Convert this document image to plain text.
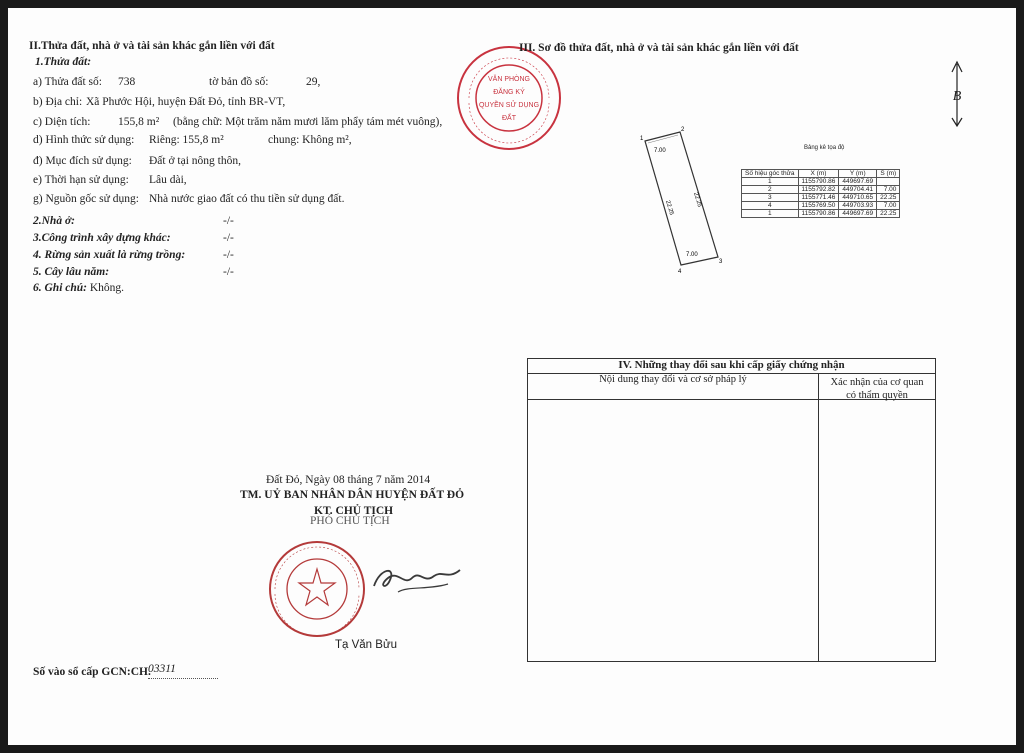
II.Thửa đất, nhà ở và tài sản khác gắn liền với đất
1.Thửa đất:
a) Thửa đất số: 738	tờ bản đồ số:	29,
b) Địa chỉ: Xã Phước Hội, huyện Đất Đỏ, tỉnh BR-VT,
c) Diện tích: 155,8 m² (bằng chữ: Một trăm năm mươi lăm phẩy tám mét vuông),
d) Hình thức sử dụng: Riêng: 155,8 m²	chung: Không m²,
đ) Mục đích sử dụng: Đất ở tại nông thôn,
e) Thời hạn sử dụng: Lâu dài,
g) Nguồn gốc sử dụng: Nhà nước giao đất có thu tiền sử dụng đất.
2.Nhà ở:	-/-
3.Công trình xây dựng khác:	-/-
4. Rừng sản xuất là rừng trồng:	-/-
5. Cây lâu năm:	-/-
6. Ghi chú: Không.
VĂN PHÒNG
ĐĂNG KÝ
QUYỀN SỬ DỤNG
ĐẤT
III. Sơ đồ thửa đất, nhà ở và tài sản khác gắn liền với đất
B
1
2
3
4
7.00
7.00
22.25
22.25
Bảng kê tọa độ
Số hiệu góc thửa	X (m)	Y (m)	S (m)
1	1155790.86	449697.69	
2	1155792.82	449704.41	7.00
3	1155771.46	449710.65	22.25
4	1155769.50	449703.93	7.00
1	1155790.86	449697.69	22.25
IV. Những thay đổi sau khi cấp giấy chứng nhận
Nội dung thay đổi và cơ sở pháp lý	Xác nhận của cơ quan
có thẩm quyền
Đất Đỏ, Ngày 08 tháng 7 năm 2014
TM. UỶ BAN NHÂN DÂN HUYỆN ĐẤT ĐỎ
KT. CHỦ TỊCH
PHÓ CHỦ TỊCH
Tạ Văn Bửu
Số vào sổ cấp GCN:CH.
03311
